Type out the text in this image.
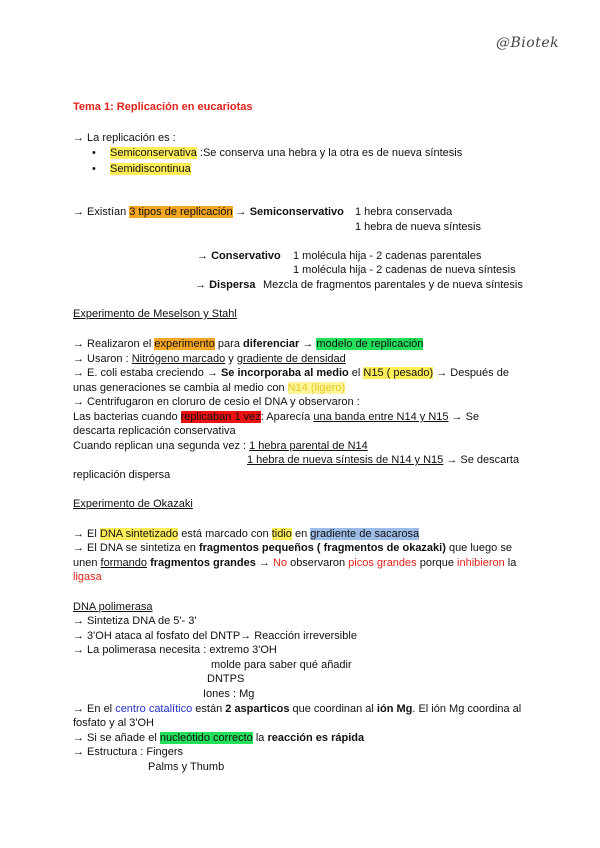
@Biotek
Tema 1: Replicación en eucariotas
→ La replicación es :
• Semiconservativa :Se conserva una hebra y la otra es de nueva síntesis
• Semidiscontinua
→ Existían 3 tipos de replicación → Semiconservativo 1 hebra conservada
1 hebra de nueva síntesis
→ Conservativo 1 molécula hija - 2 cadenas parentales
1 molécula hija - 2 cadenas de nueva síntesis
→ Dispersa Mezcla de fragmentos parentales y de nueva síntesis
Experimento de Meselson y Stahl
→ Realizaron el experimento para diferenciar → modelo de replicación
→ Usaron : Nitrógeno marcado y gradiente de densidad
→ E. coli estaba creciendo → Se incorporaba al medio el N15 ( pesado) → Después de
unas generaciones se cambia al medio con N14 (ligero)
→ Centrifugaron en cloruro de cesio el DNA y observaron :
Las bacterias cuando replicaban 1 vez: Aparecía una banda entre N14 y N15 → Se
descarta replicación conservativa
Cuando replican una segunda vez : 1 hebra parental de N14
1 hebra de nueva síntesis de N14 y N15 → Se descarta
replicación dispersa
Experimento de Okazaki
→ El DNA sintetizado está marcado con tidio en gradiente de sacarosa
→ El DNA se sintetiza en fragmentos pequeños ( fragmentos de okazaki) que luego se
unen formando fragmentos grandes → No observaron picos grandes porque inhibieron la
ligasa
DNA polimerasa
→ Sintetiza DNA de 5'- 3'
→ 3'OH ataca al fosfato del DNTP→ Reacción irreversible
→ La polimerasa necesita : extremo 3'OH
molde para saber qué añadir
DNTPS
Iones : Mg
→ En el centro catalítico están 2 asparticos que coordinan al ión Mg. El ión Mg coordina al
fosfato y al 3'OH
→ Si se añade el nucleótido correcto la reacción es rápida
→ Estructura : Fingers
Palms y Thumb
